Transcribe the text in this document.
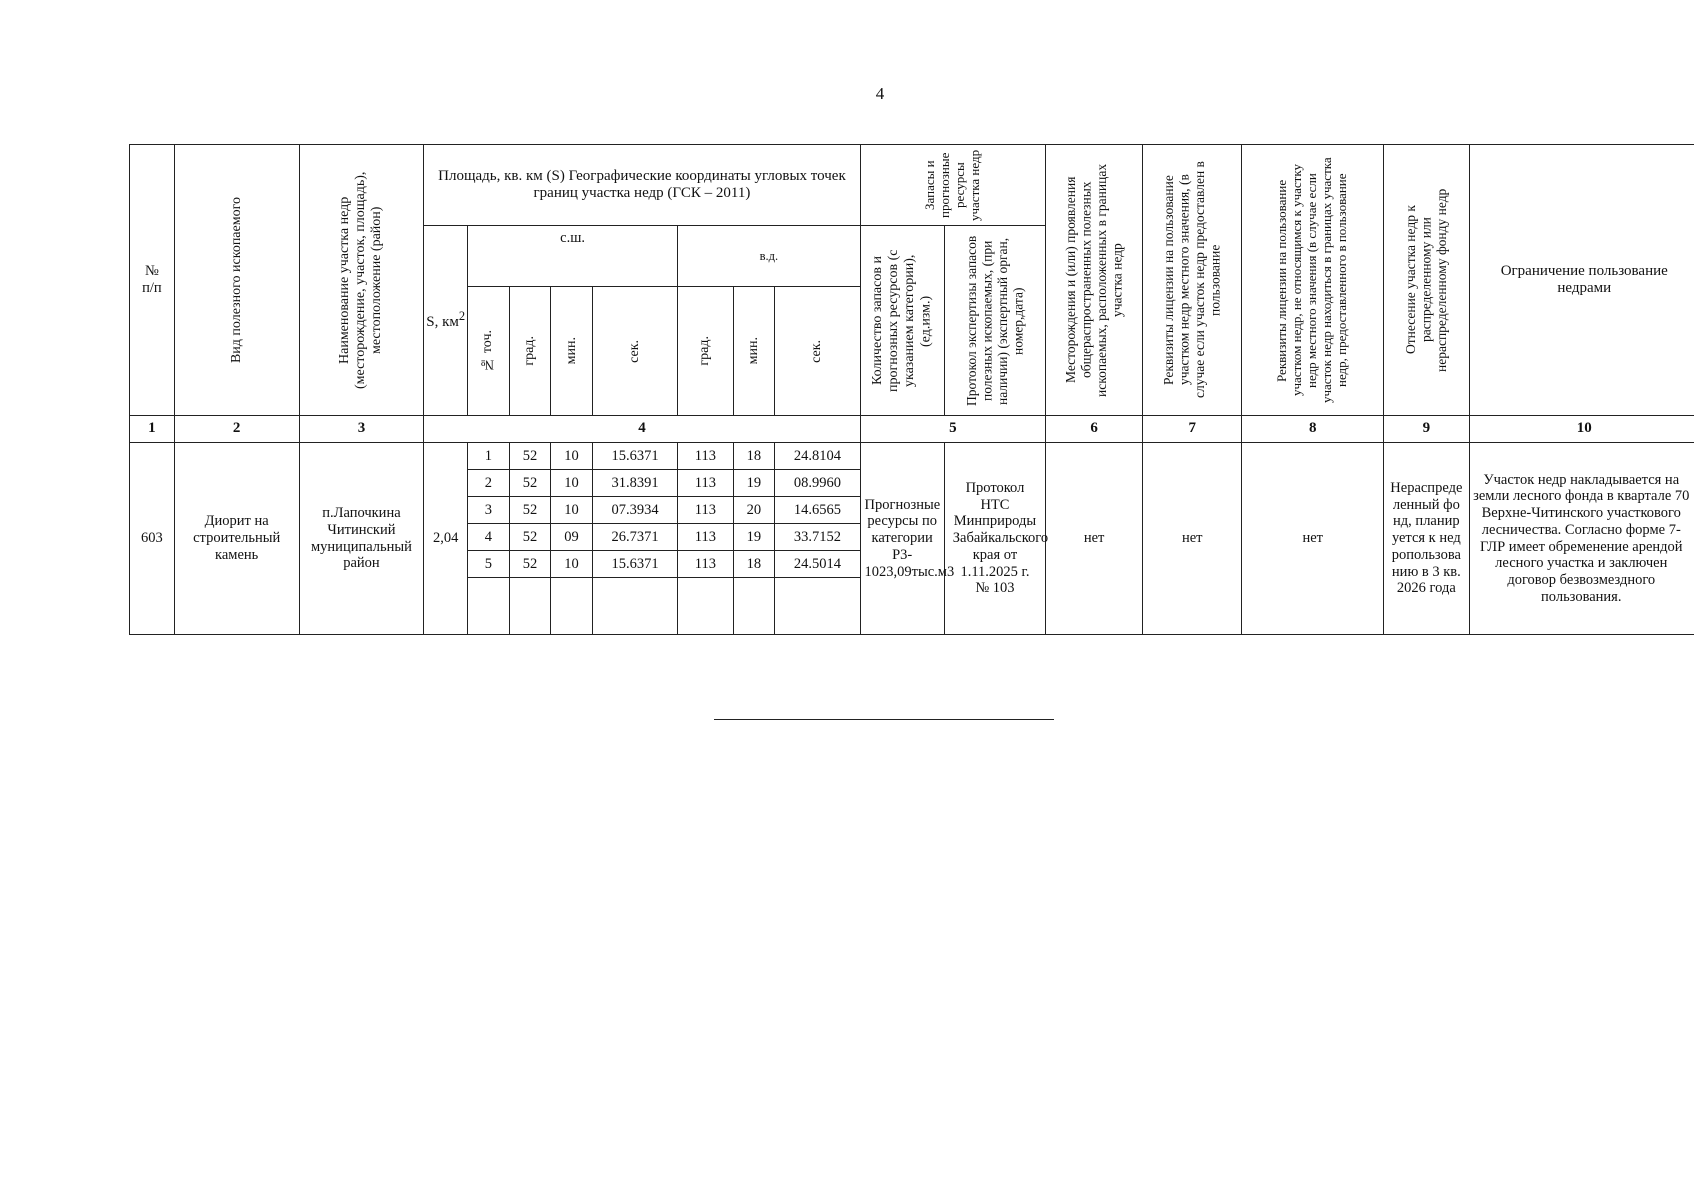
4
№
п/п	Вид полезного ископаемого	Наименование участка недр (месторождение, участок, площадь), местоположение (район)	Площадь, кв. км (S) Географические координаты угловых точек границ участка недр (ГСК – 2011)								Запасы и прогнозные ресурсы участка недр		Месторождения и (или) проявления общераспространенных полезных ископаемых, расположенных в границах участка недр	Реквизиты лицензии на пользование участком недр местного значения, (в случае если участок недр предоставлен в пользование	Реквизиты лицензии на пользование участком недр, не относящимся к участку недр местного значения (в случае если участок недр находиться в границах участка недр, предоставленного в пользование	Отнесение участка недр к распределенному или нераспределенному фонду недр	Ограничение пользование недрами
			S, $км^2$	с.ш.				в.д.			Количество запасов и прогнозных ресурсов (с указанием категории), (ед.изм.)	Протокол экспертизы запасов полезных ископаемых, (при наличии) (экспертный орган, номер,дата)					

				№ точ.	град.	мин.	сек.	град.	мин.	сек.							

1	2	3	4								5		6	7	8	9	10
603	Диорит на строительный камень	п.Лапочкина Читинский муниципальный район	2,04	1	52	10	15.6371	113	18	24.8104	Прогнозные ресурсы по категории Р3-1023,09тыс.м3	Протокол НТС Минприроды Забайкальского края от 1.11.2025 г. № 103	нет	нет	нет	Нераспределенный фонд, планируется к недропользованию в 3 кв.2026 года	Участок недр накладывается на земли лесного фонда в квартале 70 Верхне-Читинского участкового лесничества. Согласно форме 7-ГЛР имеет обременение арендой лесного участка и заключен договор безвозмездного пользования.
				2	52	10	31.8391	113	19	08.9960							
				3	52	10	07.3934	113	20	14.6565							
				4	52	09	26.7371	113	19	33.7152							
				5	52	10	15.6371	113	18	24.5014							
